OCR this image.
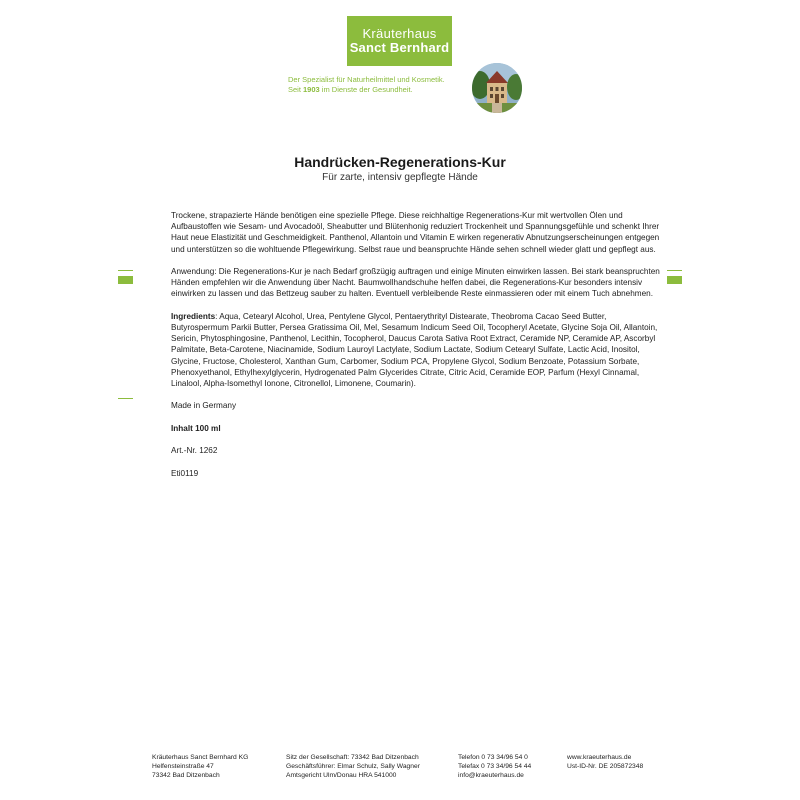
Kräuterhaus
Sanct Bernhard
Der Spezialist für Naturheilmittel und Kosmetik.
Seit 1903 im Dienste der Gesundheit.
Handrücken-Regenerations-Kur
Für zarte, intensiv gepflegte Hände

Trockene, strapazierte Hände benötigen eine spezielle Pflege. Diese reichhaltige Regenerations-Kur mit wertvollen Ölen und Aufbaustoffen wie Sesam- und Avocadoöl, Sheabutter und Blütenhonig reduziert Trockenheit und Spannungsgefühle und schenkt Ihrer Haut neue Elastizität und Geschmeidigkeit. Panthenol, Allantoin und Vitamin E wirken regenerativ Abnutzungserscheinungen entgegen und unterstützen so die wohltuende Pflegewirkung. Selbst raue und beanspruchte Hände sehen schnell wieder glatt und gepflegt aus.

Anwendung: Die Regenerations-Kur je nach Bedarf großzügig auftragen und einige Minuten einwirken lassen. Bei stark beanspruchten Händen empfehlen wir die Anwendung über Nacht. Baumwollhandschuhe helfen dabei, die Regenerations-Kur besonders intensiv einwirken zu lassen und das Bettzeug sauber zu halten. Eventuell verbleibende Reste einmassieren oder mit einem Tuch abnehmen.

Ingredients: Aqua, Cetearyl Alcohol, Urea, Pentylene Glycol, Pentaerythrityl Distearate, Theobroma Cacao Seed Butter, Butyrospermum Parkii Butter, Persea Gratissima Oil, Mel, Sesamum Indicum Seed Oil, Tocopheryl Acetate, Glycine Soja Oil, Allantoin, Sericin, Phytosphingosine, Panthenol, Lecithin, Tocopherol, Daucus Carota Sativa Root Extract, Ceramide NP, Ceramide AP, Ascorbyl Palmitate, Beta-Carotene, Niacinamide, Sodium Lauroyl Lactylate, Sodium Lactate, Sodium Cetearyl Sulfate, Lactic Acid, Inositol, Glycine, Fructose, Cholesterol, Xanthan Gum, Carbomer, Sodium PCA, Propylene Glycol, Sodium Benzoate, Potassium Sorbate, Phenoxyethanol, Ethylhexylglycerin, Hydrogenated Palm Glycerides Citrate, Citric Acid, Ceramide EOP, Parfum (Hexyl Cinnamal, Linalool, Alpha-Isomethyl Ionone, Citronellol, Limonene, Coumarin).

Made in Germany

Inhalt 100 ml

Art.-Nr. 1262

Eti0119

Kräuterhaus Sanct Bernhard KG
Helfensteinstraße 47
73342 Bad Ditzenbach
Sitz der Gesellschaft: 73342 Bad Ditzenbach
Geschäftsführer: Elmar Schulz, Sally Wagner
Amtsgericht Ulm/Donau HRA 541000
Telefon 0 73 34/96 54 0
Telefax 0 73 34/96 54 44
info@kraeuterhaus.de
www.kraeuterhaus.de
Ust-ID-Nr. DE 205872348
